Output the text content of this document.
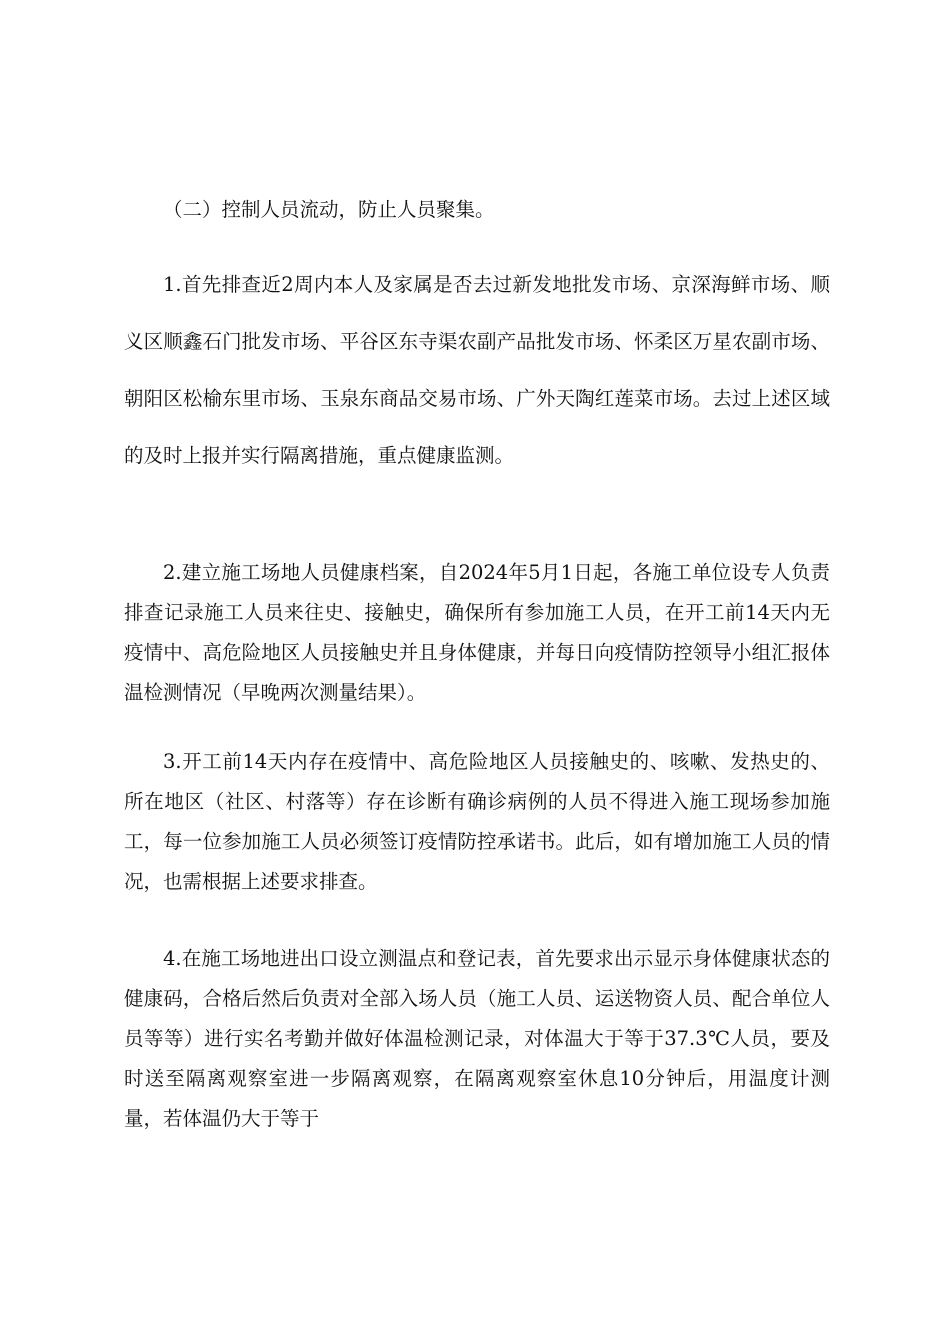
（二）控制人员流动，防止人员聚集。

1.首先排查近2周内本人及家属是否去过新发地批发市场、京深海鲜市场、顺义区顺鑫石门批发市场、平谷区东寺渠农副产品批发市场、怀柔区万星农副市场、朝阳区松榆东里市场、玉泉东商品交易市场、广外天陶红莲菜市场。去过上述区域的及时上报并实行隔离措施，重点健康监测。

2.建立施工场地人员健康档案，自2024年5月1日起，各施工单位设专人负责排查记录施工人员来往史、接触史，确保所有参加施工人员，在开工前14天内无疫情中、高危险地区人员接触史并且身体健康，并每日向疫情防控领导小组汇报体温检测情况（早晚两次测量结果）。

3.开工前14天内存在疫情中、高危险地区人员接触史的、咳嗽、发热史的、所在地区（社区、村落等）存在诊断有确诊病例的人员不得进入施工现场参加施工，每一位参加施工人员必须签订疫情防控承诺书。此后，如有增加施工人员的情况，也需根据上述要求排查。

4.在施工场地进出口设立测温点和登记表，首先要求出示显示身体健康状态的健康码，合格后然后负责对全部入场人员（施工人员、运送物资人员、配合单位人员等等）进行实名考勤并做好体温检测记录，对体温大于等于37.3℃人员，要及时送至隔离观察室进一步隔离观察，在隔离观察室休息10分钟后，用温度计测量，若体温仍大于等于
